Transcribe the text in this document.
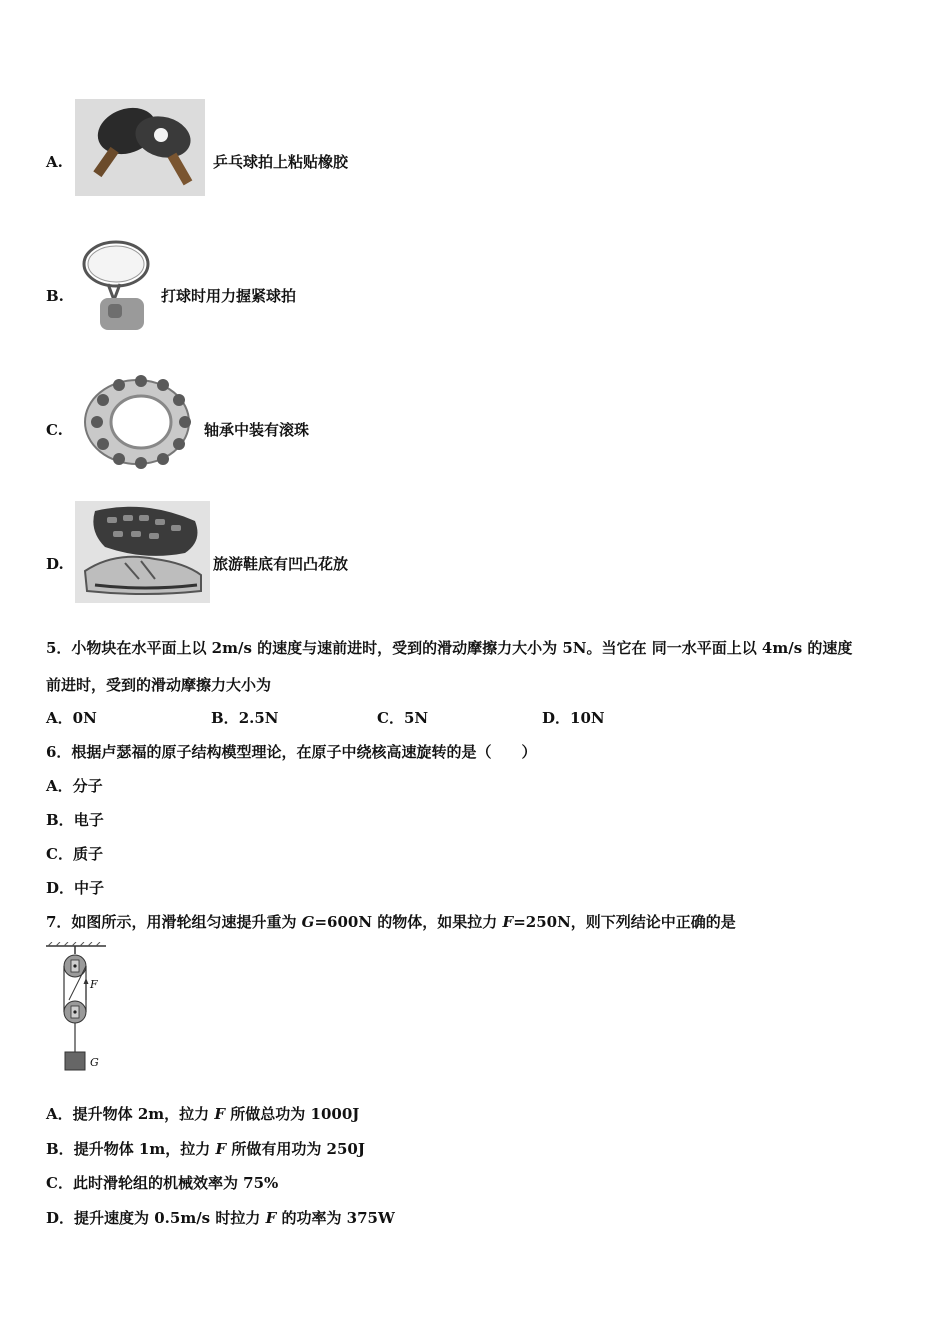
A.	乒乓球拍上粘贴橡胶
B.	打球时用力握紧球拍
C.	轴承中装有滚珠
D.	旅游鞋底有凹凸花放
5．小物块在水平面上以 2m/s 的速度与速前进时，受到的滑动摩擦力大小为 5N。当它在 同一水平面上以 4m/s 的速度
前进时，受到的滑动摩擦力大小为
A．0N	B．2.5N	C．5N	D．10N
6．根据卢瑟福的原子结构模型理论，在原子中绕核高速旋转的是（　　）
A．分子
B．电子
C．质子
D．中子
7．如图所示，用滑轮组匀速提升重为 G=600N 的物体，如果拉力 F=250N，则下列结论中正确的是
F
G
A．提升物体 2m，拉力 F 所做总功为 1000J
B．提升物体 1m，拉力 F 所做有用功为 250J
C．此时滑轮组的机械效率为 75%
D．提升速度为 0.5m/s 时拉力 F 的功率为 375W
